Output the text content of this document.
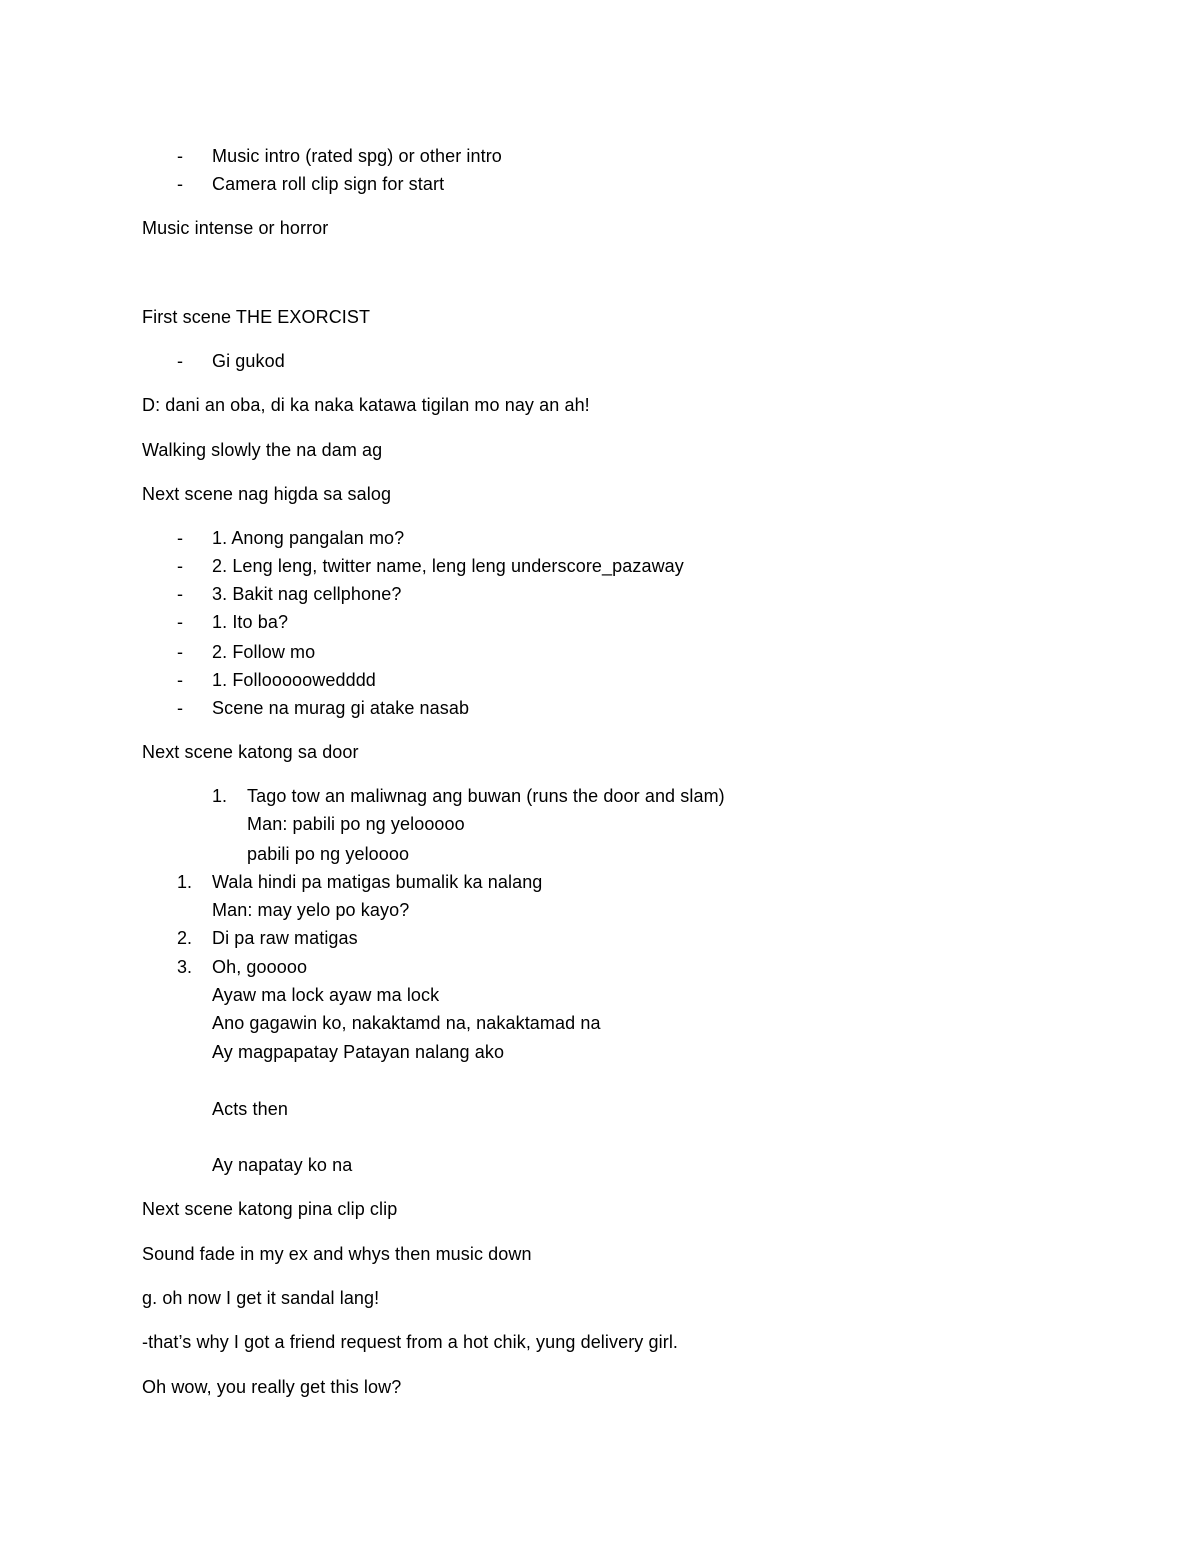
- Music intro (rated spg) or other intro
- Camera roll clip sign for start
Music intense or horror
First scene THE EXORCIST
- Gi gukod
D: dani an oba, di ka naka katawa tigilan mo nay an ah!
Walking slowly the na dam ag
Next scene nag higda sa salog
- 1. Anong pangalan mo?
- 2. Leng leng, twitter name, leng leng underscore_pazaway
- 3. Bakit nag cellphone?
- 1. Ito ba?
- 2. Follow mo
- 1. Follooooowedddd
- Scene na murag gi atake nasab
Next scene katong sa door
1. Tago tow an maliwnag ang buwan (runs the door and slam)
Man: pabili po ng yelooooo
pabili po ng yeloooo
1. Wala hindi pa matigas bumalik ka nalang
Man: may yelo po kayo?
2. Di pa raw matigas
3. Oh, gooooo
Ayaw ma lock ayaw ma lock
Ano gagawin ko, nakaktamd na, nakaktamad na
Ay magpapatay Patayan nalang ako
Acts then
Ay napatay ko na
Next scene katong pina clip clip
Sound fade in my ex and whys then music down
g. oh now I get it sandal lang!
-that’s why I got a friend request from a hot chik, yung delivery girl.
Oh wow, you really get this low?
